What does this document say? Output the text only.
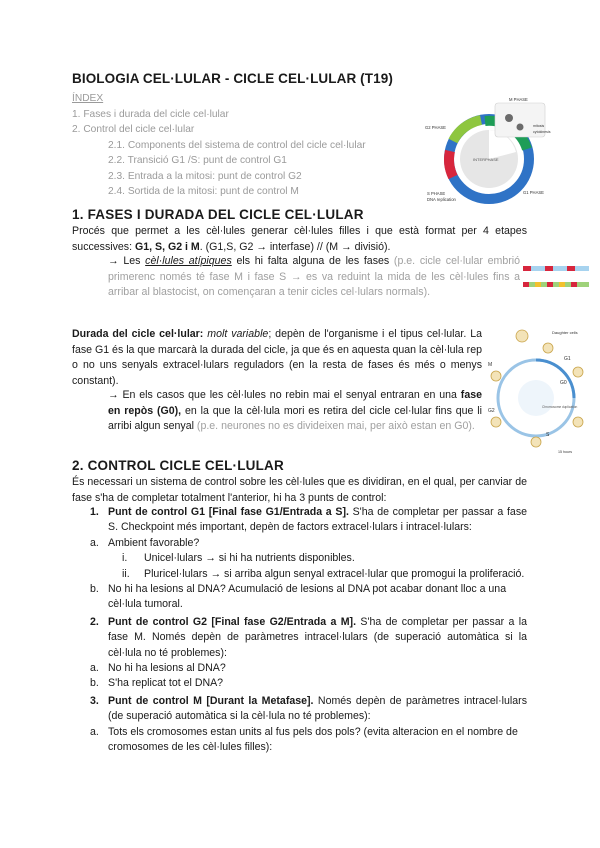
BIOLOGIA CEL·LULAR - CICLE CEL·LULAR (T19)
ÍNDEX
1. Fases i durada del cicle cel·lular
2. Control del cicle cel·lular
2.1. Components del sistema de control del cicle cel·lular
2.2. Transició G1 /S: punt de control G1
2.3. Entrada a la mitosi: punt de control G2
2.4. Sortida de la mitosi: punt de control M
M PHASE
G2 PHASE
INTERPHASE
S PHASE
DNA replication
G1 PHASE
mitosis
cytokinesis
1. FASES I DURADA DEL CICLE CEL·LULAR
Procés que permet a les cèl·lules generar cèl·lules filles i que està format per 4 etapes successives: G1, S, G2 i M. (G1,S, G2 → interfase) // (M → divisió).
→ Les cèl·lules atípiques els hi falta alguna de les fases (p.e. cicle cel·lular embrió primerenc només té fase M i fase S → es va reduint la mida de les cèl·lules fins a arribar al blastocist, on començaran a tenir cicles cel·lulars normals).
Durada del cicle cel·lular: molt variable; depèn de l'organisme i el tipus cel·lular. La fase G1 és la que marcarà la durada del cicle, ja que és en aquesta quan la cèl·lula rep o no uns senyals extracel·lulars reguladors (en la resta de fases és més o menys constant).
→ En els casos que les cèl·lules no rebin mai el senyal entraran en una fase en repòs (G0), en la que la cèl·lula mori es retira del cicle cel·lular fins que li arribi algun senyal (p.e. neurones no es divideixen mai, per això estan en G0).
Daughter cells
G1
G0
M
G2
S
Chromosome duplication
15 hours
2. CONTROL CICLE CEL·LULAR
És necessari un sistema de control sobre les cèl·lules que es dividiran, en el qual, per canviar de fase s'ha de completar totalment l'anterior, hi ha 3 punts de control:
1. Punt de control G1 [Final fase G1/Entrada a S]. S'ha de completar per passar a fase S. Checkpoint més important, depèn de factors extracel·lulars i intracel·lulars:
a. Ambient favorable?
i. Unicel·lulars → si hi ha nutrients disponibles.
ii. Pluricel·lulars → si arriba algun senyal extracel·lular que promogui la proliferació.
b. No hi ha lesions al DNA? Acumulació de lesions al DNA pot acabar donant lloc a una cèl·lula tumoral.
2. Punt de control G2 [Final fase G2/Entrada a M]. S'ha de completar per passar a la fase M. Només depèn de paràmetres intracel·lulars (de superació automàtica si la cèl·lula no té problemes):
a. No hi ha lesions al DNA?
b. S'ha replicat tot el DNA?
3. Punt de control M [Durant la Metafase]. Només depèn de paràmetres intracel·lulars (de superació automàtica si la cèl·lula no té problemes):
a. Tots els cromosomes estan units al fus pels dos pols? (evita alteracion en el nombre de cromosomes de les cèl·lules filles):
